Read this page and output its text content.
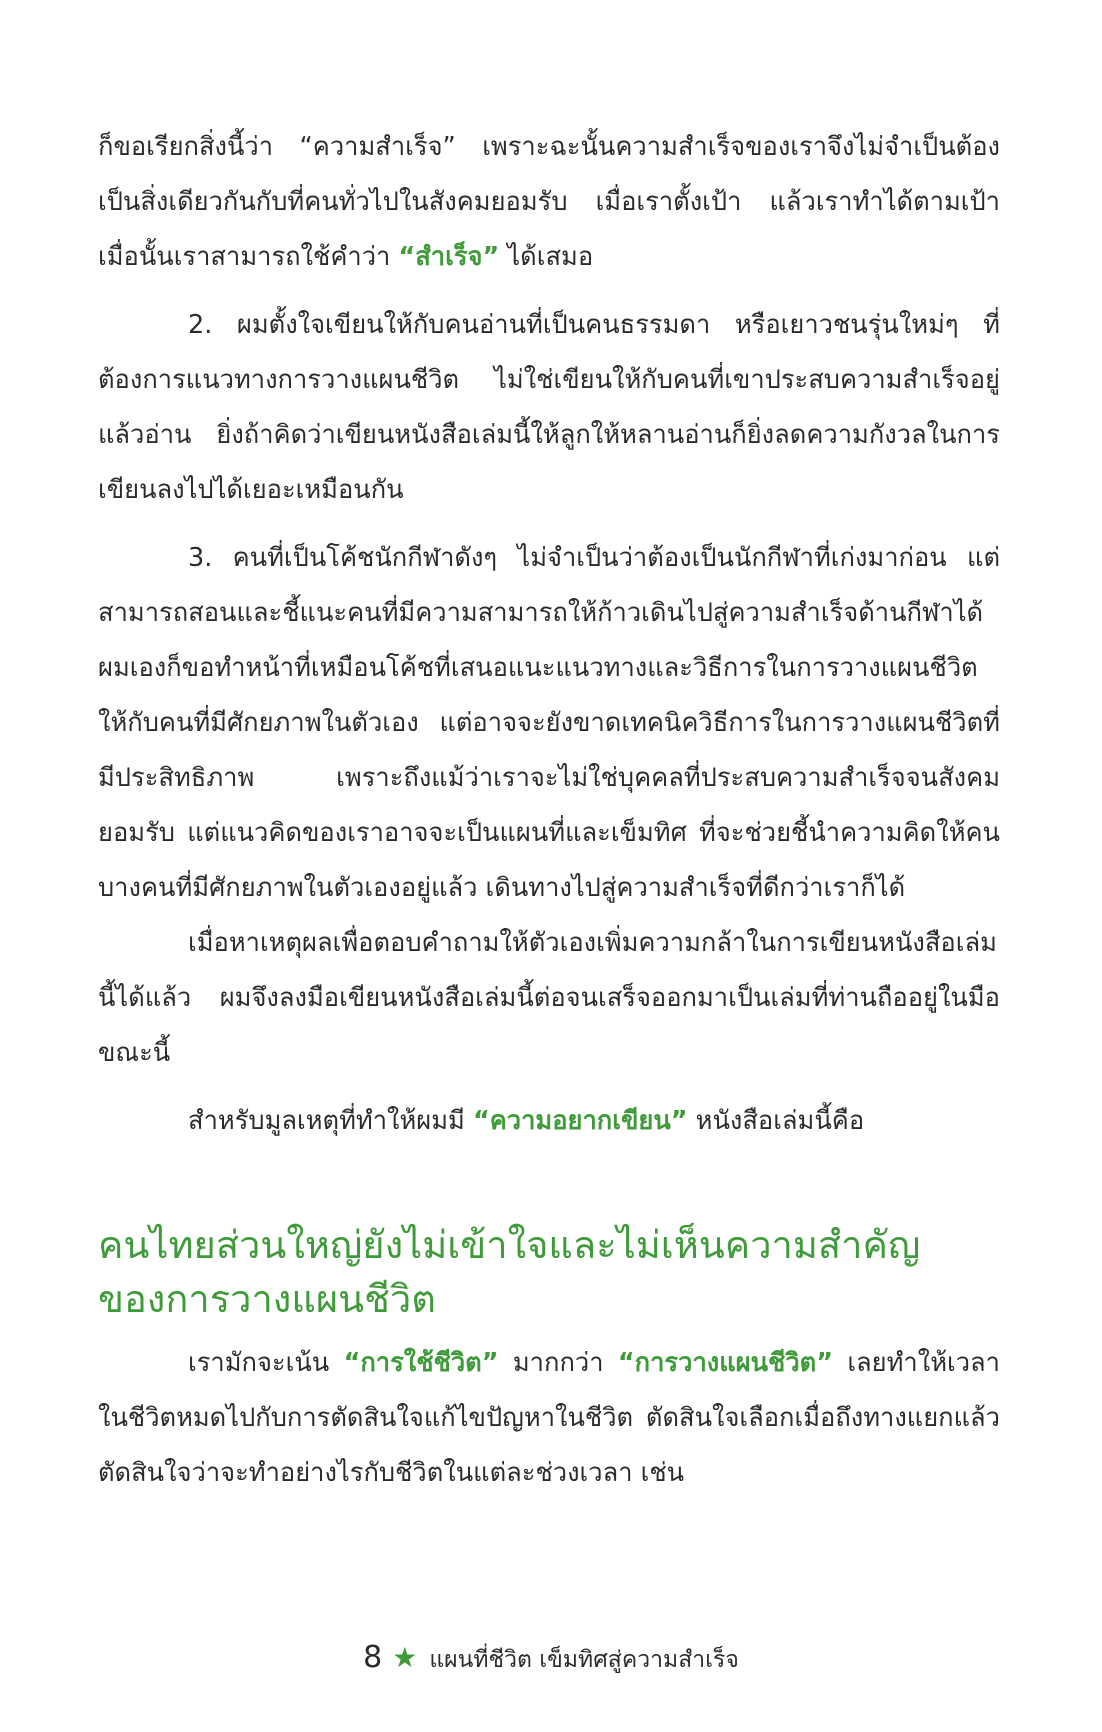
ก็ขอเรียกสิ่งนี้ว่า “ความสำเร็จ” เพราะฉะนั้นความสำเร็จของเราจึงไม่จำเป็นต้องเป็นสิ่งเดียวกันกับที่คนทั่วไปในสังคมยอมรับ เมื่อเราตั้งเป้า แล้วเราทำได้ตามเป้า เมื่อนั้นเราสามารถใช้คำว่า “สำเร็จ” ได้เสมอ

2. ผมตั้งใจเขียนให้กับคนอ่านที่เป็นคนธรรมดา หรือเยาวชนรุ่นใหม่ๆ ที่ต้องการแนวทางการวางแผนชีวิต ไม่ใช่เขียนให้กับคนที่เขาประสบความสำเร็จอยู่แล้วอ่าน ยิ่งถ้าคิดว่าเขียนหนังสือเล่มนี้ให้ลูกให้หลานอ่านก็ยิ่งลดความกังวลในการเขียนลงไปได้เยอะเหมือนกัน

3. คนที่เป็นโค้ชนักกีฬาดังๆ ไม่จำเป็นว่าต้องเป็นนักกีฬาที่เก่งมาก่อน แต่สามารถสอนและชี้แนะคนที่มีความสามารถให้ก้าวเดินไปสู่ความสำเร็จด้านกีฬาได้ ผมเองก็ขอทำหน้าที่เหมือนโค้ชที่เสนอแนะแนวทางและวิธีการในการวางแผนชีวิตให้กับคนที่มีศักยภาพในตัวเอง แต่อาจจะยังขาดเทคนิควิธีการในการวางแผนชีวิตที่มีประสิทธิภาพ เพราะถึงแม้ว่าเราจะไม่ใช่บุคคลที่ประสบความสำเร็จจนสังคมยอมรับ แต่แนวคิดของเราอาจจะเป็นแผนที่และเข็มทิศ ที่จะช่วยชี้นำความคิดให้คนบางคนที่มีศักยภาพในตัวเองอยู่แล้ว เดินทางไปสู่ความสำเร็จที่ดีกว่าเราก็ได้

เมื่อหาเหตุผลเพื่อตอบคำถามให้ตัวเองเพิ่มความกล้าในการเขียนหนังสือเล่มนี้ได้แล้ว ผมจึงลงมือเขียนหนังสือเล่มนี้ต่อจนเสร็จออกมาเป็นเล่มที่ท่านถืออยู่ในมือขณะนี้

สำหรับมูลเหตุที่ทำให้ผมมี “ความอยากเขียน” หนังสือเล่มนี้คือ

คนไทยส่วนใหญ่ยังไม่เข้าใจและไม่เห็นความสำคัญ
ของการวางแผนชีวิต

เรามักจะเน้น “การใช้ชีวิต” มากกว่า “การวางแผนชีวิต” เลยทำให้เวลาในชีวิตหมดไปกับการตัดสินใจแก้ไขปัญหาในชีวิต ตัดสินใจเลือกเมื่อถึงทางแยกแล้ว ตัดสินใจว่าจะทำอย่างไรกับชีวิตในแต่ละช่วงเวลา เช่น

8 ★ แผนที่ชีวิต เข็มทิศสู่ความสำเร็จ
